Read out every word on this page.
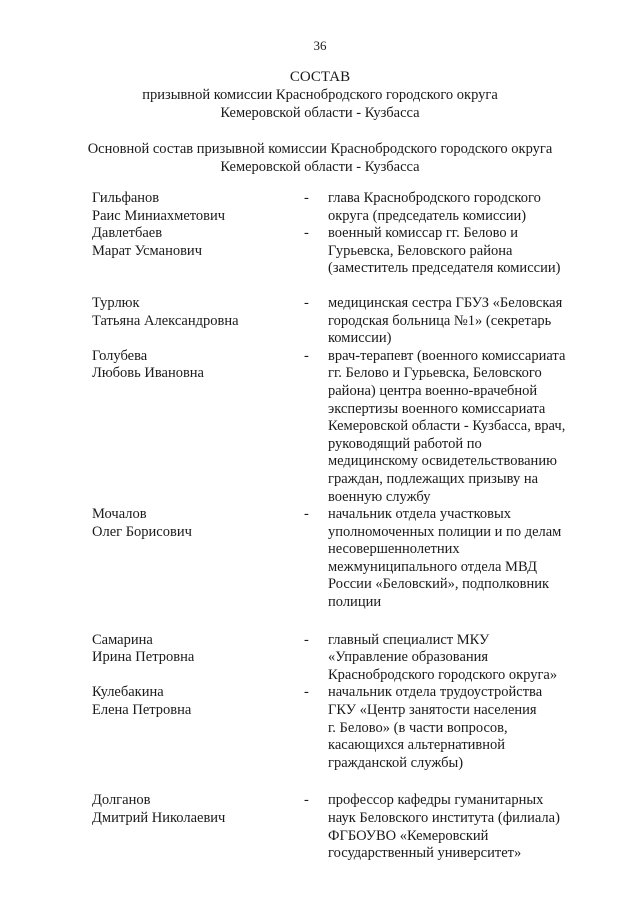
36
СОСТАВ
призывной комиссии Краснобродского городского округа
Кемеровской области - Кузбасса
Основной состав призывной комиссии Краснобродского городского округа
Кемеровской области - Кузбасса
Гильфанов
Раис Миниахметович
-	глава Краснобродского городского
округа (председатель комиссии)
Давлетбаев
Марат Усманович
-	военный комиссар гг. Белово и
Гурьевска, Беловского района
(заместитель председателя комиссии)
Турлюк
Татьяна Александровна
-	медицинская сестра ГБУЗ «Беловская
городская больница №1» (секретарь
комиссии)
Голубева
Любовь Ивановна
-	врач-терапевт (военного комиссариата
гг. Белово и Гурьевска, Беловского
района) центра военно-врачебной
экспертизы военного комиссариата
Кемеровской области - Кузбасса, врач,
руководящий работой по
медицинскому освидетельствованию
граждан, подлежащих призыву на
военную службу
Мочалов
Олег Борисович
-	начальник отдела участковых
уполномоченных полиции и по делам
несовершеннолетних
межмуниципального отдела МВД
России «Беловский», подполковник
полиции
Самарина
Ирина Петровна
-	главный специалист МКУ
«Управление образования
Краснобродского городского округа»
Кулебакина
Елена Петровна
-	начальник отдела трудоустройства
ГКУ «Центр занятости населения
г. Белово» (в части вопросов,
касающихся альтернативной
гражданской службы)
Долганов
Дмитрий Николаевич
-	профессор кафедры гуманитарных
наук Беловского института (филиала)
ФГБОУВО «Кемеровский
государственный университет»
